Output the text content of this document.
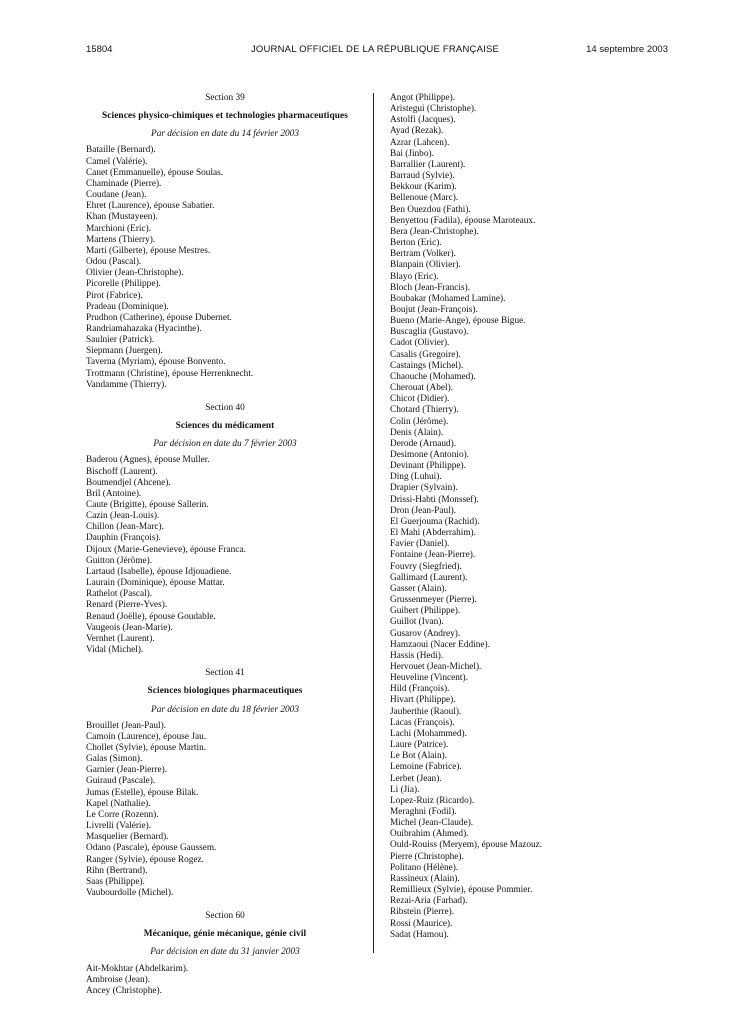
15804	JOURNAL OFFICIEL DE LA RÉPUBLIQUE FRANÇAISE	14 septembre 2003
Section 39
Sciences physico-chimiques et technologies pharmaceutiques
Par décision en date du 14 février 2003
Bataille (Bernard).
Camel (Valérie).
Canet (Emmanuelle), épouse Soulas.
Chaminade (Pierre).
Coudane (Jean).
Ehret (Laurence), épouse Sabatier.
Khan (Mustayeen).
Marchioni (Eric).
Martens (Thierry).
Marti (Gilberte), épouse Mestres.
Odou (Pascal).
Olivier (Jean-Christophe).
Picorelle (Philippe).
Pirot (Fabrice).
Pradeau (Dominique).
Prudhon (Catherine), épouse Dubernet.
Randriamahazaka (Hyacinthe).
Saulnier (Patrick).
Siepmann (Juergen).
Taverna (Myriam), épouse Bonvento.
Trottmann (Christine), épouse Herrenknecht.
Vandamme (Thierry).
Section 40
Sciences du médicament
Par décision en date du 7 février 2003
Baderou (Agnes), épouse Muller.
Bischoff (Laurent).
Boumendjel (Ahcene).
Bril (Antoine).
Caute (Brigitte), épouse Sallerin.
Cazin (Jean-Louis).
Chillon (Jean-Marc).
Dauphin (François).
Dijoux (Marie-Genevieve), épouse Franca.
Guitton (Jérôme).
Lartaud (Isabelle), épouse Idjouadiene.
Laurain (Dominique), épouse Mattar.
Rathelot (Pascal).
Renard (Pierre-Yves).
Renaud (Joëlle), épouse Goudable.
Vaugeois (Jean-Marie).
Vernhet (Laurent).
Vidal (Michel).
Section 41
Sciences biologiques pharmaceutiques
Par décision en date du 18 février 2003
Brouillet (Jean-Paul).
Camoin (Laurence), épouse Jau.
Chollet (Sylvie), épouse Martin.
Galas (Simon).
Garnier (Jean-Pierre).
Guiraud (Pascale).
Jumas (Estelle), épouse Bilak.
Kapel (Nathalie).
Le Corre (Rozenn).
Livrelli (Valérie).
Masquelier (Bernard).
Odano (Pascale), épouse Gaussem.
Ranger (Sylvie), épouse Rogez.
Rihn (Bertrand).
Saas (Philippe).
Vaubourdolle (Michel).
Section 60
Mécanique, génie mécanique, génie civil
Par décision en date du 31 janvier 2003
Ait-Mokhtar (Abdelkarim).
Ambroise (Jean).
Ancey (Christophe).
Angot (Philippe).
Aristegui (Christophe).
Astolfi (Jacques).
Ayad (Rezak).
Azrar (Lahcen).
Bai (Jinbo).
Barrallier (Laurent).
Barraud (Sylvie).
Bekkour (Karim).
Bellenoue (Marc).
Ben Ouezdou (Fathi).
Benyettou (Fadila), épouse Maroteaux.
Bera (Jean-Christophe).
Berton (Eric).
Bertram (Volker).
Blanpain (Olivier).
Blayo (Eric).
Bloch (Jean-Francis).
Boubakar (Mohamed Lamine).
Boujut (Jean-François).
Bueno (Marie-Ange), épouse Bigue.
Buscaglia (Gustavo).
Cadot (Olivier).
Casalis (Gregoire).
Castaings (Michel).
Chaouche (Mohamed).
Cherouat (Abel).
Chicot (Didier).
Chotard (Thierry).
Colin (Jérôme).
Denis (Alain).
Derode (Arnaud).
Desimone (Antonio).
Devinant (Philippe).
Ding (Luhui).
Drapier (Sylvain).
Drissi-Habti (Monssef).
Dron (Jean-Paul).
El Guerjouma (Rachid).
El Mahi (Abderrahim).
Favier (Daniel).
Fontaine (Jean-Pierre).
Fouvry (Siegfried).
Gallimard (Laurent).
Gasser (Alain).
Grussenmeyer (Pierre).
Guibert (Philippe).
Guillot (Ivan).
Gusarov (Andrey).
Hamzaoui (Nacer Eddine).
Hassis (Hedi).
Hervouet (Jean-Michel).
Heuveline (Vincent).
Hild (François).
Hivart (Philippe).
Jauberthie (Raoul).
Lacas (François).
Lachi (Mohammed).
Laure (Patrice).
Le Bot (Alain).
Lemoine (Fabrice).
Lerbet (Jean).
Li (Jia).
Lopez-Ruiz (Ricardo).
Meraghni (Fodil).
Michel (Jean-Claude).
Ouibrahim (Ahmed).
Ould-Rouiss (Meryem), épouse Mazouz.
Pierre (Christophe).
Politano (Hélène).
Rassineux (Alain).
Remillieux (Sylvie), épouse Pommier.
Rezai-Aria (Farhad).
Ribstein (Pierre).
Rossi (Maurice).
Sadat (Hamou).
